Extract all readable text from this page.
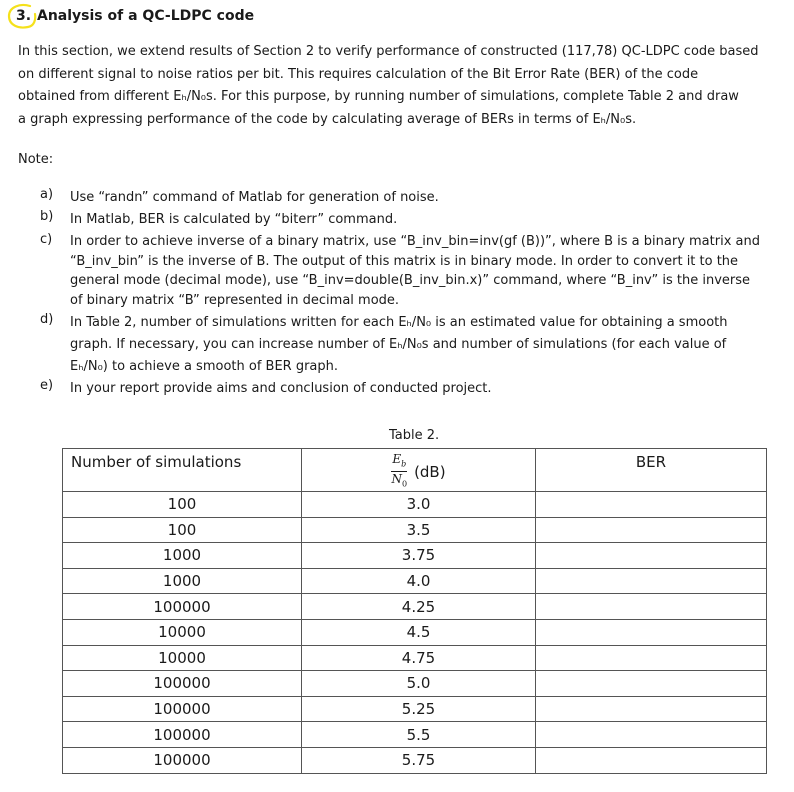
3. Analysis of a QC-LDPC code
In this section, we extend results of Section 2 to verify performance of constructed (117,78) QC-LDPC code based
on different signal to noise ratios per bit. This requires calculation of the Bit Error Rate (BER) of the code
obtained from different Eₕ/N₀s. For this purpose, by running number of simulations, complete Table 2 and draw
a graph expressing performance of the code by calculating average of BERs in terms of Eₕ/N₀s.
Note:
a) Use “randn” command of Matlab for generation of noise.
b) In Matlab, BER is calculated by “biterr” command.
c) In order to achieve inverse of a binary matrix, use “B_inv_bin=inv(gf (B))”, where B is a binary matrix and
“B_inv_bin” is the inverse of B. The output of this matrix is in binary mode. In order to convert it to the
general mode (decimal mode), use “B_inv=double(B_inv_bin.x)” command, where “B_inv” is the inverse
of binary matrix “B” represented in decimal mode.
d) In Table 2, number of simulations written for each Eₕ/N₀ is an estimated value for obtaining a smooth
graph. If necessary, you can increase number of Eₕ/N₀s and number of simulations (for each value of
Eₕ/N₀) to achieve a smooth of BER graph.
e) In your report provide aims and conclusion of conducted project.
Table 2.
Number of simulations	$\frac{E_b}{N_0} (dB)$	BER
100	3.0	
100	3.5	
1000	3.75	
1000	4.0	
100000	4.25	
10000	4.5	
10000	4.75	
100000	5.0	
100000	5.25	
100000	5.5	
100000	5.75	
